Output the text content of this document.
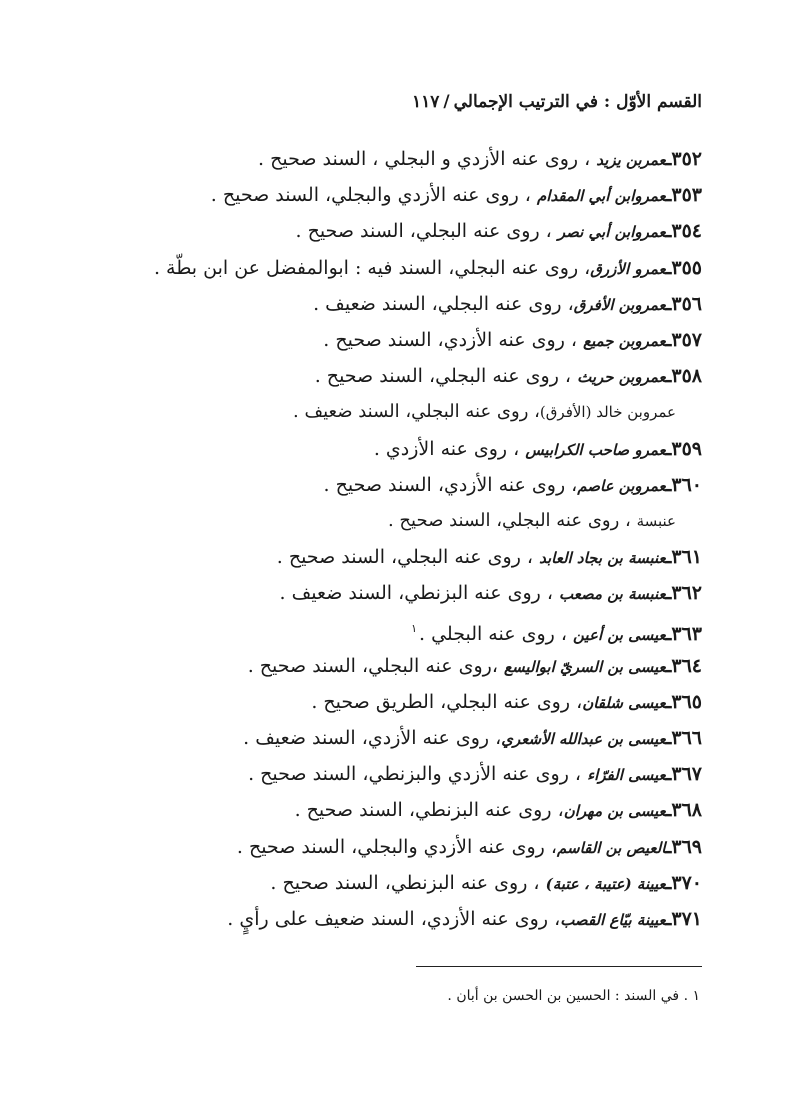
القسم الأوّل : في الترتيب الإجمالي/١١٧
٣٥٢ـعمربن يزيد ، روى عنه الأزدي و البجلي ، السند صحيح .
٣٥٣ـعمروابن أبي المقدام ، روى عنه الأزدي والبجلي، السند صحيح .
٣٥٤ـعمروابن أبي نصر ، روى عنه البجلي، السند صحيح .
٣٥٥ـعمرو الأزرق، روى عنه البجلي، السند فيه : ابوالمفضل عن ابن بطّة .
٣٥٦ـعمروبن الأفرق، روى عنه البجلي، السند ضعيف .
٣٥٧ـعمروبن جميع ، روى عنه الأزدي، السند صحيح .
٣٥٨ـعمروبن حريث ، روى عنه البجلي، السند صحيح .
عمروبن خالد (الأفرق)، روى عنه البجلي، السند ضعيف .
٣٥٩ـعمرو صاحب الكرابيس ، روى عنه الأزدي .
٣٦٠ـعمروبن عاصم، روى عنه الأزدي، السند صحيح .
عنبسة ، روى عنه البجلي، السند صحيح .
٣٦١ـعنبسة بن بجاد العابد ، روى عنه البجلي، السند صحيح .
٣٦٢ـعنبسة بن مصعب ، روى عنه البزنطي، السند ضعيف .
٣٦٣ـعيسى بن أعين ، روى عنه البجلي .$^١$
٣٦٤ـعيسى بن السريّ ابواليسع ،روى عنه البجلي، السند صحيح .
٣٦٥ـعيسى شلقان، روى عنه البجلي، الطريق صحيح .
٣٦٦ـعيسى بن عبدالله الأشعري، روى عنه الأزدي، السند ضعيف .
٣٦٧ـعيسى الفرّاء ، روى عنه الأزدي والبزنطي، السند صحيح .
٣٦٨ـعيسى بن مهران، روى عنه البزنطي، السند صحيح .
٣٦٩ـالعيص بن القاسم، روى عنه الأزدي والبجلي، السند صحيح .
٣٧٠ـعيينة (عتيبة ، عتبة) ، روى عنه البزنطي، السند صحيح .
٣٧١ـعيينة بيّاع القصب، روى عنه الأزدي، السند ضعيف على رأيٍ .
١ . في السند : الحسين بن الحسن بن أبان .
